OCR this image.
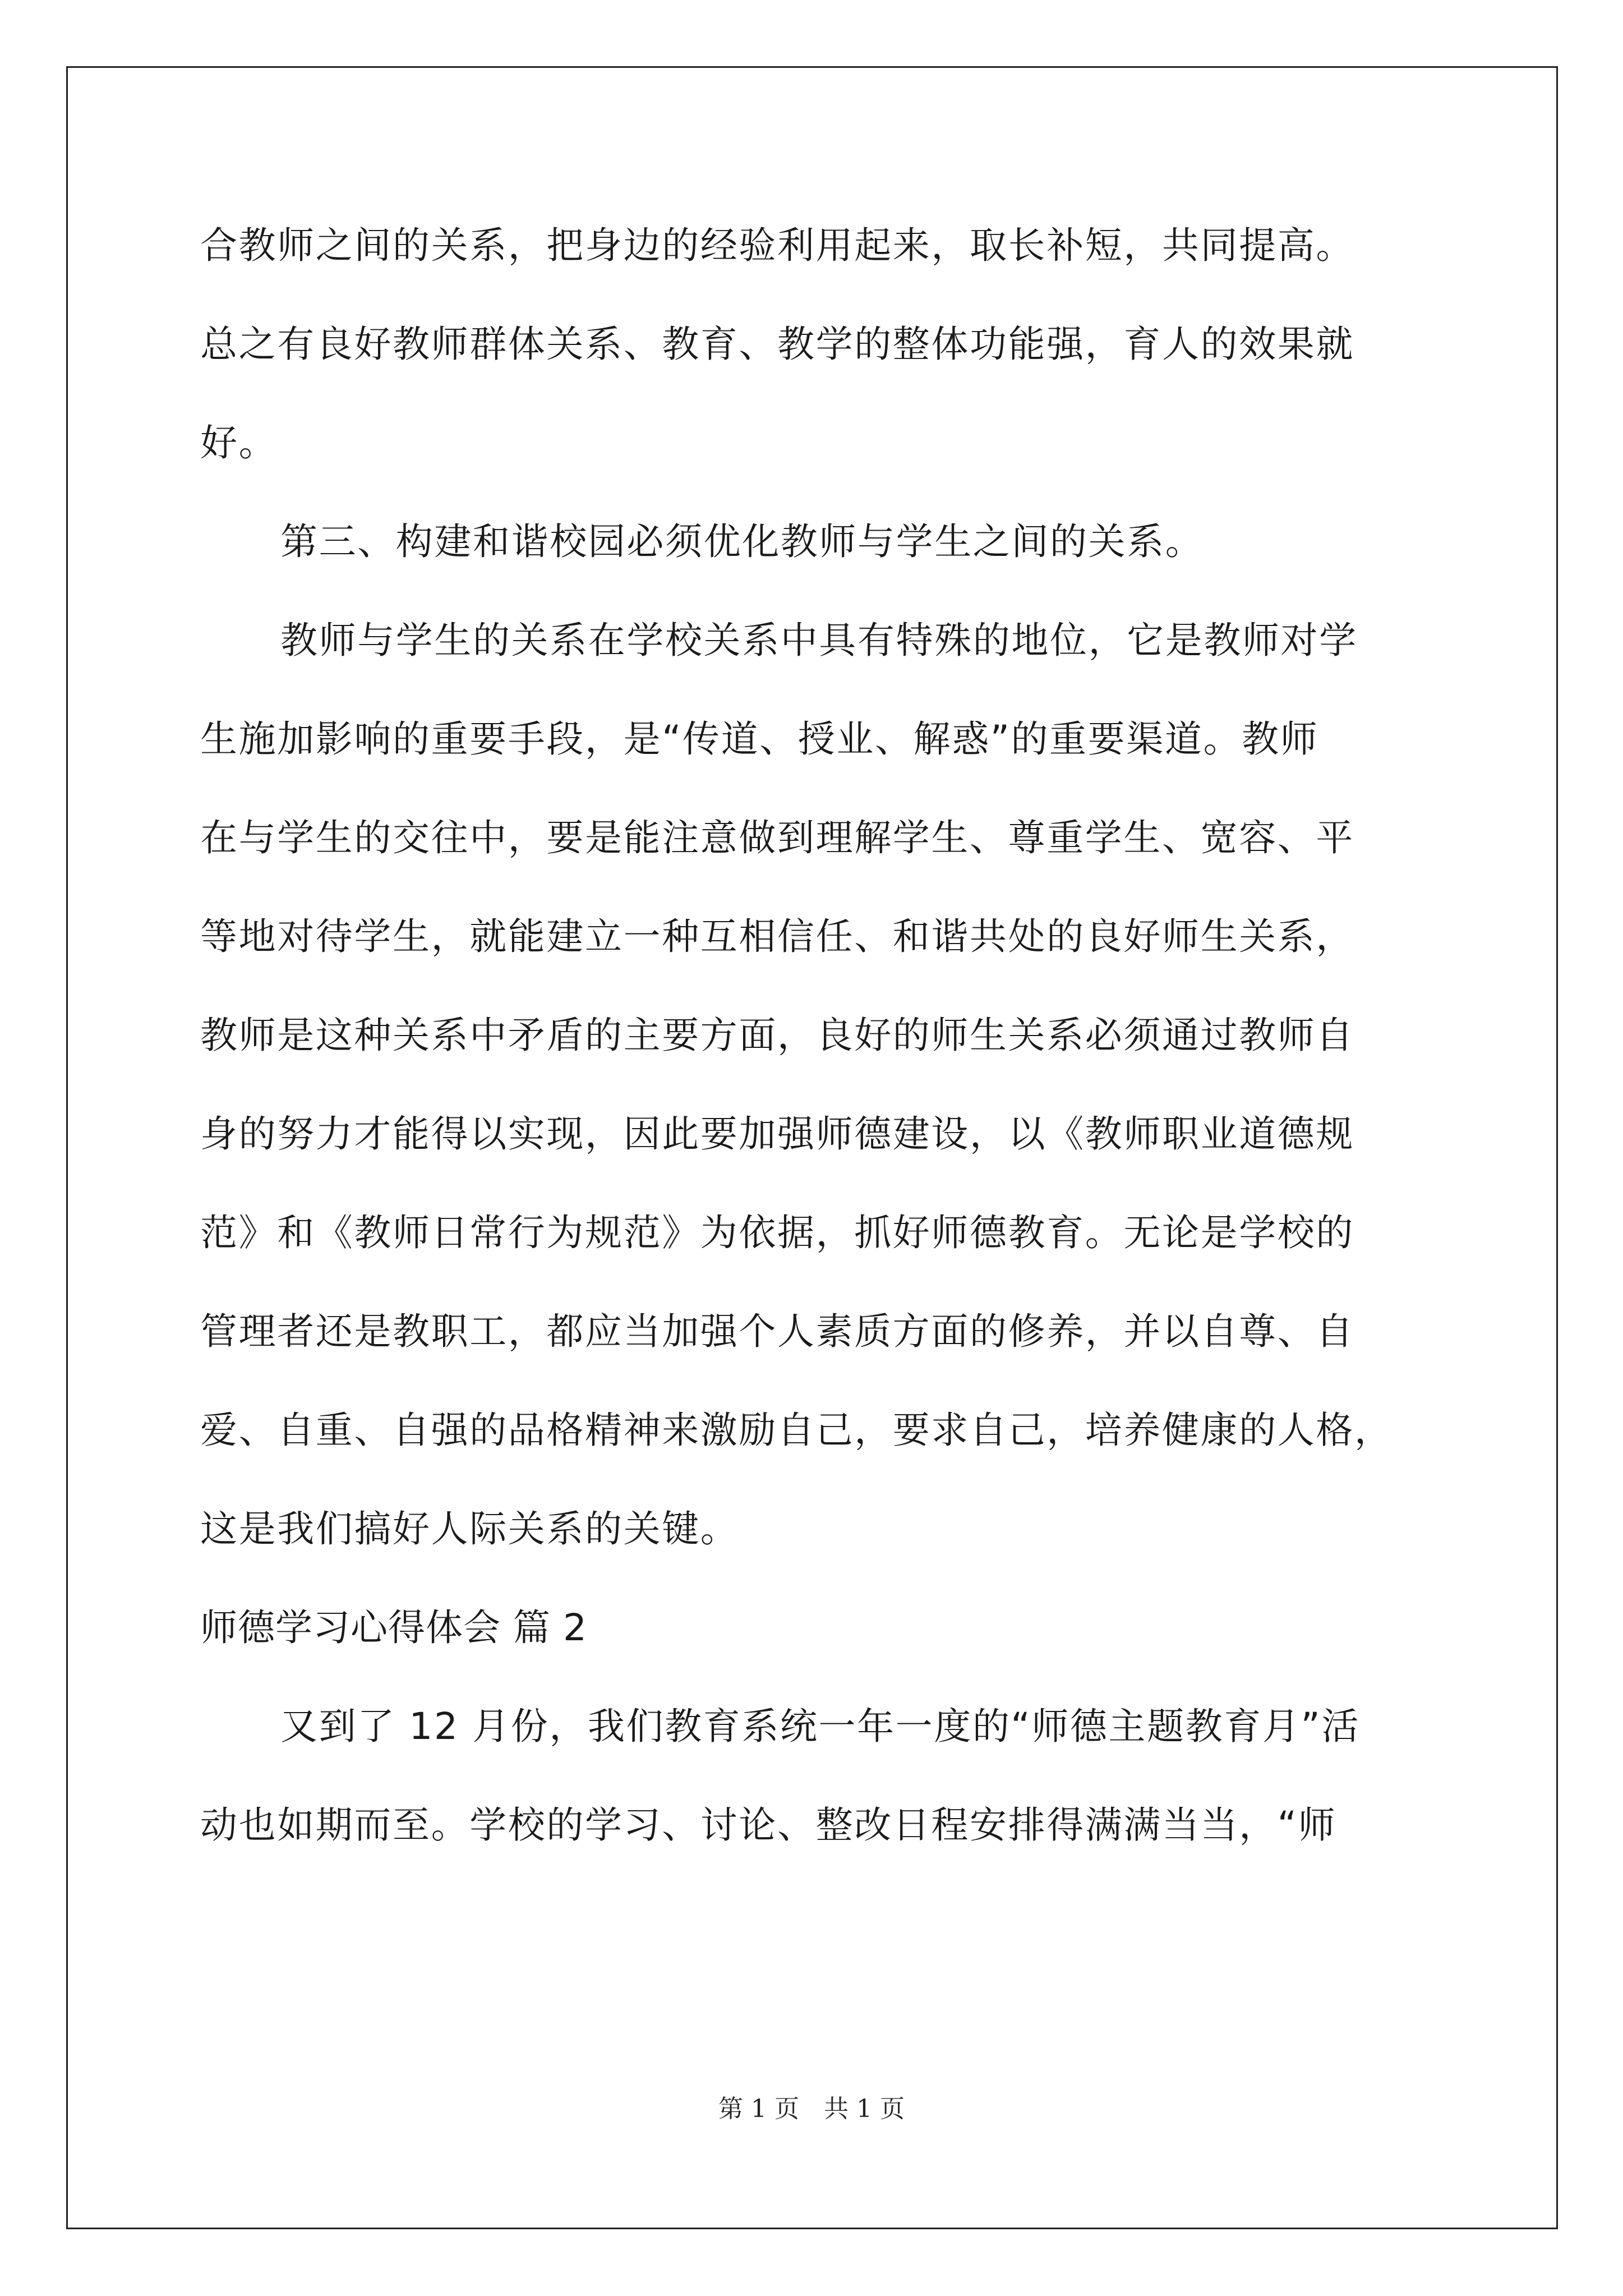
合教师之间的关系，把身边的经验利用起来，取长补短，共同提高。

总之有良好教师群体关系、教育、教学的整体功能强，育人的效果就

好。

第三、构建和谐校园必须优化教师与学生之间的关系。

教师与学生的关系在学校关系中具有特殊的地位，它是教师对学

生施加影响的重要手段，是“传道、授业、解惑”的重要渠道。教师

在与学生的交往中，要是能注意做到理解学生、尊重学生、宽容、平

等地对待学生，就能建立一种互相信任、和谐共处的良好师生关系，

教师是这种关系中矛盾的主要方面，良好的师生关系必须通过教师自

身的努力才能得以实现，因此要加强师德建设，以《教师职业道德规

范》和《教师日常行为规范》为依据，抓好师德教育。无论是学校的

管理者还是教职工，都应当加强个人素质方面的修养，并以自尊、自

爱、自重、自强的品格精神来激励自己，要求自己，培养健康的人格，

这是我们搞好人际关系的关键。

师德学习心得体会 篇 2

又到了 12 月份，我们教育系统一年一度的“师德主题教育月”活

动也如期而至。学校的学习、讨论、整改日程安排得满满当当，“师

第 1 页　共 1 页
